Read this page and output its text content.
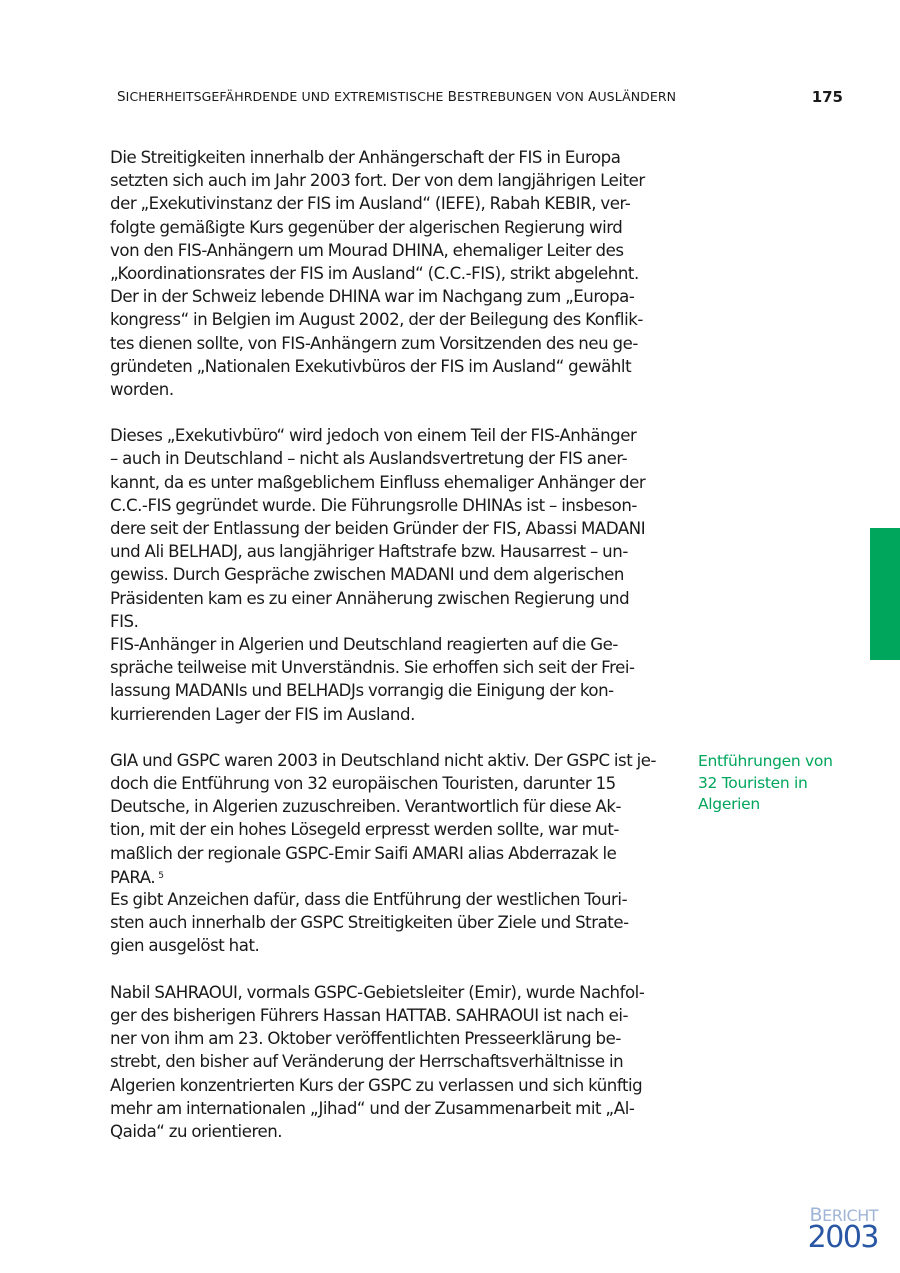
SICHERHEITSGEFÄHRDENDE UND EXTREMISTISCHE BESTREBUNGEN VON AUSLÄNDERN	175
Die Streitigkeiten innerhalb der Anhängerschaft der FIS in Europa
setzten sich auch im Jahr 2003 fort. Der von dem langjährigen Leiter
der „Exekutivinstanz der FIS im Ausland“ (IEFE), Rabah KEBIR, ver-
folgte gemäßigte Kurs gegenüber der algerischen Regierung wird
von den FIS-Anhängern um Mourad DHINA, ehemaliger Leiter des
„Koordinationsrates der FIS im Ausland“ (C.C.-FIS), strikt abgelehnt.
Der in der Schweiz lebende DHINA war im Nachgang zum „Europa-
kongress“ in Belgien im August 2002, der der Beilegung des Konflik-
tes dienen sollte, von FIS-Anhängern zum Vorsitzenden des neu ge-
gründeten „Nationalen Exekutivbüros der FIS im Ausland“ gewählt
worden.
Dieses „Exekutivbüro“ wird jedoch von einem Teil der FIS-Anhänger
– auch in Deutschland – nicht als Auslandsvertretung der FIS aner-
kannt, da es unter maßgeblichem Einfluss ehemaliger Anhänger der
C.C.-FIS gegründet wurde. Die Führungsrolle DHINAs ist – insbeson-
dere seit der Entlassung der beiden Gründer der FIS, Abassi MADANI
und Ali BELHADJ, aus langjähriger Haftstrafe bzw. Hausarrest – un-
gewiss. Durch Gespräche zwischen MADANI und dem algerischen
Präsidenten kam es zu einer Annäherung zwischen Regierung und
FIS.
FIS-Anhänger in Algerien und Deutschland reagierten auf die Ge-
spräche teilweise mit Unverständnis. Sie erhoffen sich seit der Frei-
lassung MADANIs und BELHADJs vorrangig die Einigung der kon-
kurrierenden Lager der FIS im Ausland.
GIA und GSPC waren 2003 in Deutschland nicht aktiv. Der GSPC ist je-
doch die Entführung von 32 europäischen Touristen, darunter 15
Deutsche, in Algerien zuzuschreiben. Verantwortlich für diese Ak-
tion, mit der ein hohes Lösegeld erpresst werden sollte, war mut-
maßlich der regionale GSPC-Emir Saifi AMARI alias Abderrazak le
PARA. $^5$
Es gibt Anzeichen dafür, dass die Entführung der westlichen Touri-
sten auch innerhalb der GSPC Streitigkeiten über Ziele und Strate-
gien ausgelöst hat.
Nabil SAHRAOUI, vormals GSPC-Gebietsleiter (Emir), wurde Nachfol-
ger des bisherigen Führers Hassan HATTAB. SAHRAOUI ist nach ei-
ner von ihm am 23. Oktober veröffentlichten Presseerklärung be-
strebt, den bisher auf Veränderung der Herrschaftsverhältnisse in
Algerien konzentrierten Kurs der GSPC zu verlassen und sich künftig
mehr am internationalen „Jihad“ und der Zusammenarbeit mit „Al-
Qaida“ zu orientieren.
Entführungen von
32 Touristen in
Algerien
BERICHT
2003
